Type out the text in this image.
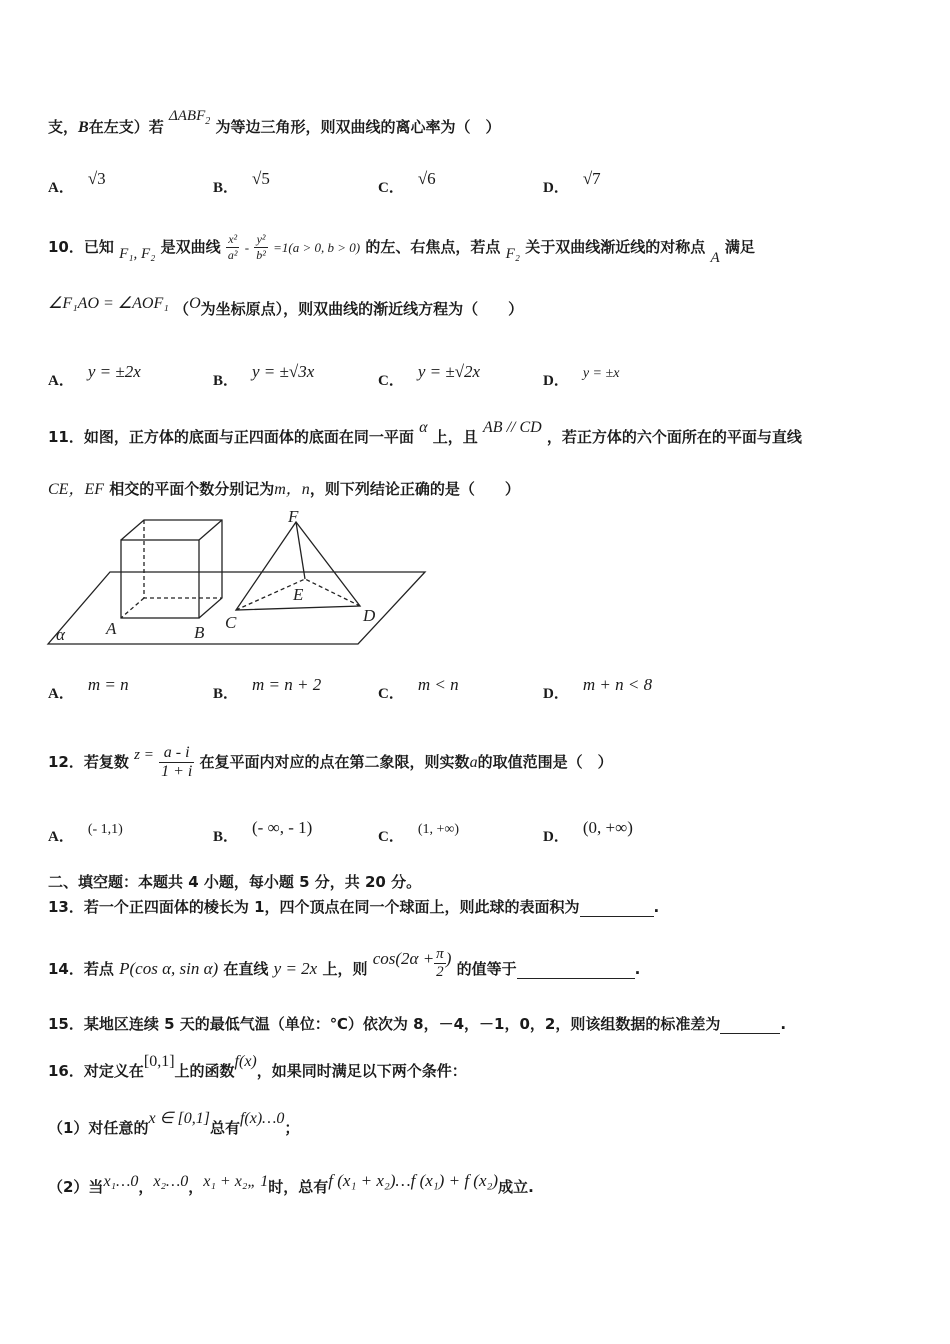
支，B在左支）若 $\Delta ABF_2$ 为等边三角形，则双曲线的离心率为（　）
A． √3	B． √5	C． √6	D． √7
10．已知 F₁, F₂ 是双曲线 $\frac{\text{x²}}{\text{a²}} - \frac{\text{y²}}{\text{b²}} =1(a > 0$, b > 0) 的左、右焦点，若点 F₂ 关于双曲线渐近线的对称点 A 满足
∠F₁AO = ∠AOF₁ （O为坐标原点），则双曲线的渐近线方程为（　　）
A． y = ±2x	B． y = ±√3x	C． y = ±√2x	D． y = ±x
11．如图，正方体的底面与正四面体的底面在同一平面 α 上，且 AB // CD ，若正方体的六个面所在的平面与直线
CE，EF 相交的平面个数分别记为m，n，则下列结论正确的是（　　）
A	B
C	D
E
F
α
A． m = n	B． m = n + 2	C． m < n	D． m + n < 8
12．若复数 $z = \frac{a - i}{1 + i}$ 在复平面内对应的点在第二象限，则实数a的取值范围是（　）
A． (- 1,1)	B． (- ∞, - 1)	C． (1, +∞)	D． (0, +∞)
二、填空题：本题共 4 小题，每小题 5 分，共 20 分。
13．若一个正四面体的棱长为 1，四个顶点在同一个球面上，则此球的表面积为	.
14．若点 P(cos α, sin α) 在直线 y = 2x 上，则 $\cos(2\alpha + \frac{\pi}{2}$ ) 的值等于	.
15．某地区连续 5 天的最低气温（单位：℃）依次为 8，－4，－1，0，2，则该组数据的标准差为	.
16．对定义在[0,1]上的函数f(x)，如果同时满足以下两个条件：
（1）对任意的x ∈ [0,1]总有f(x)…0；
（2）当x₁…0，x₂…0，x₁ + x₂„ 1时，总有f (x₁ + x₂)…f (x₁) + f (x₂)成立.
